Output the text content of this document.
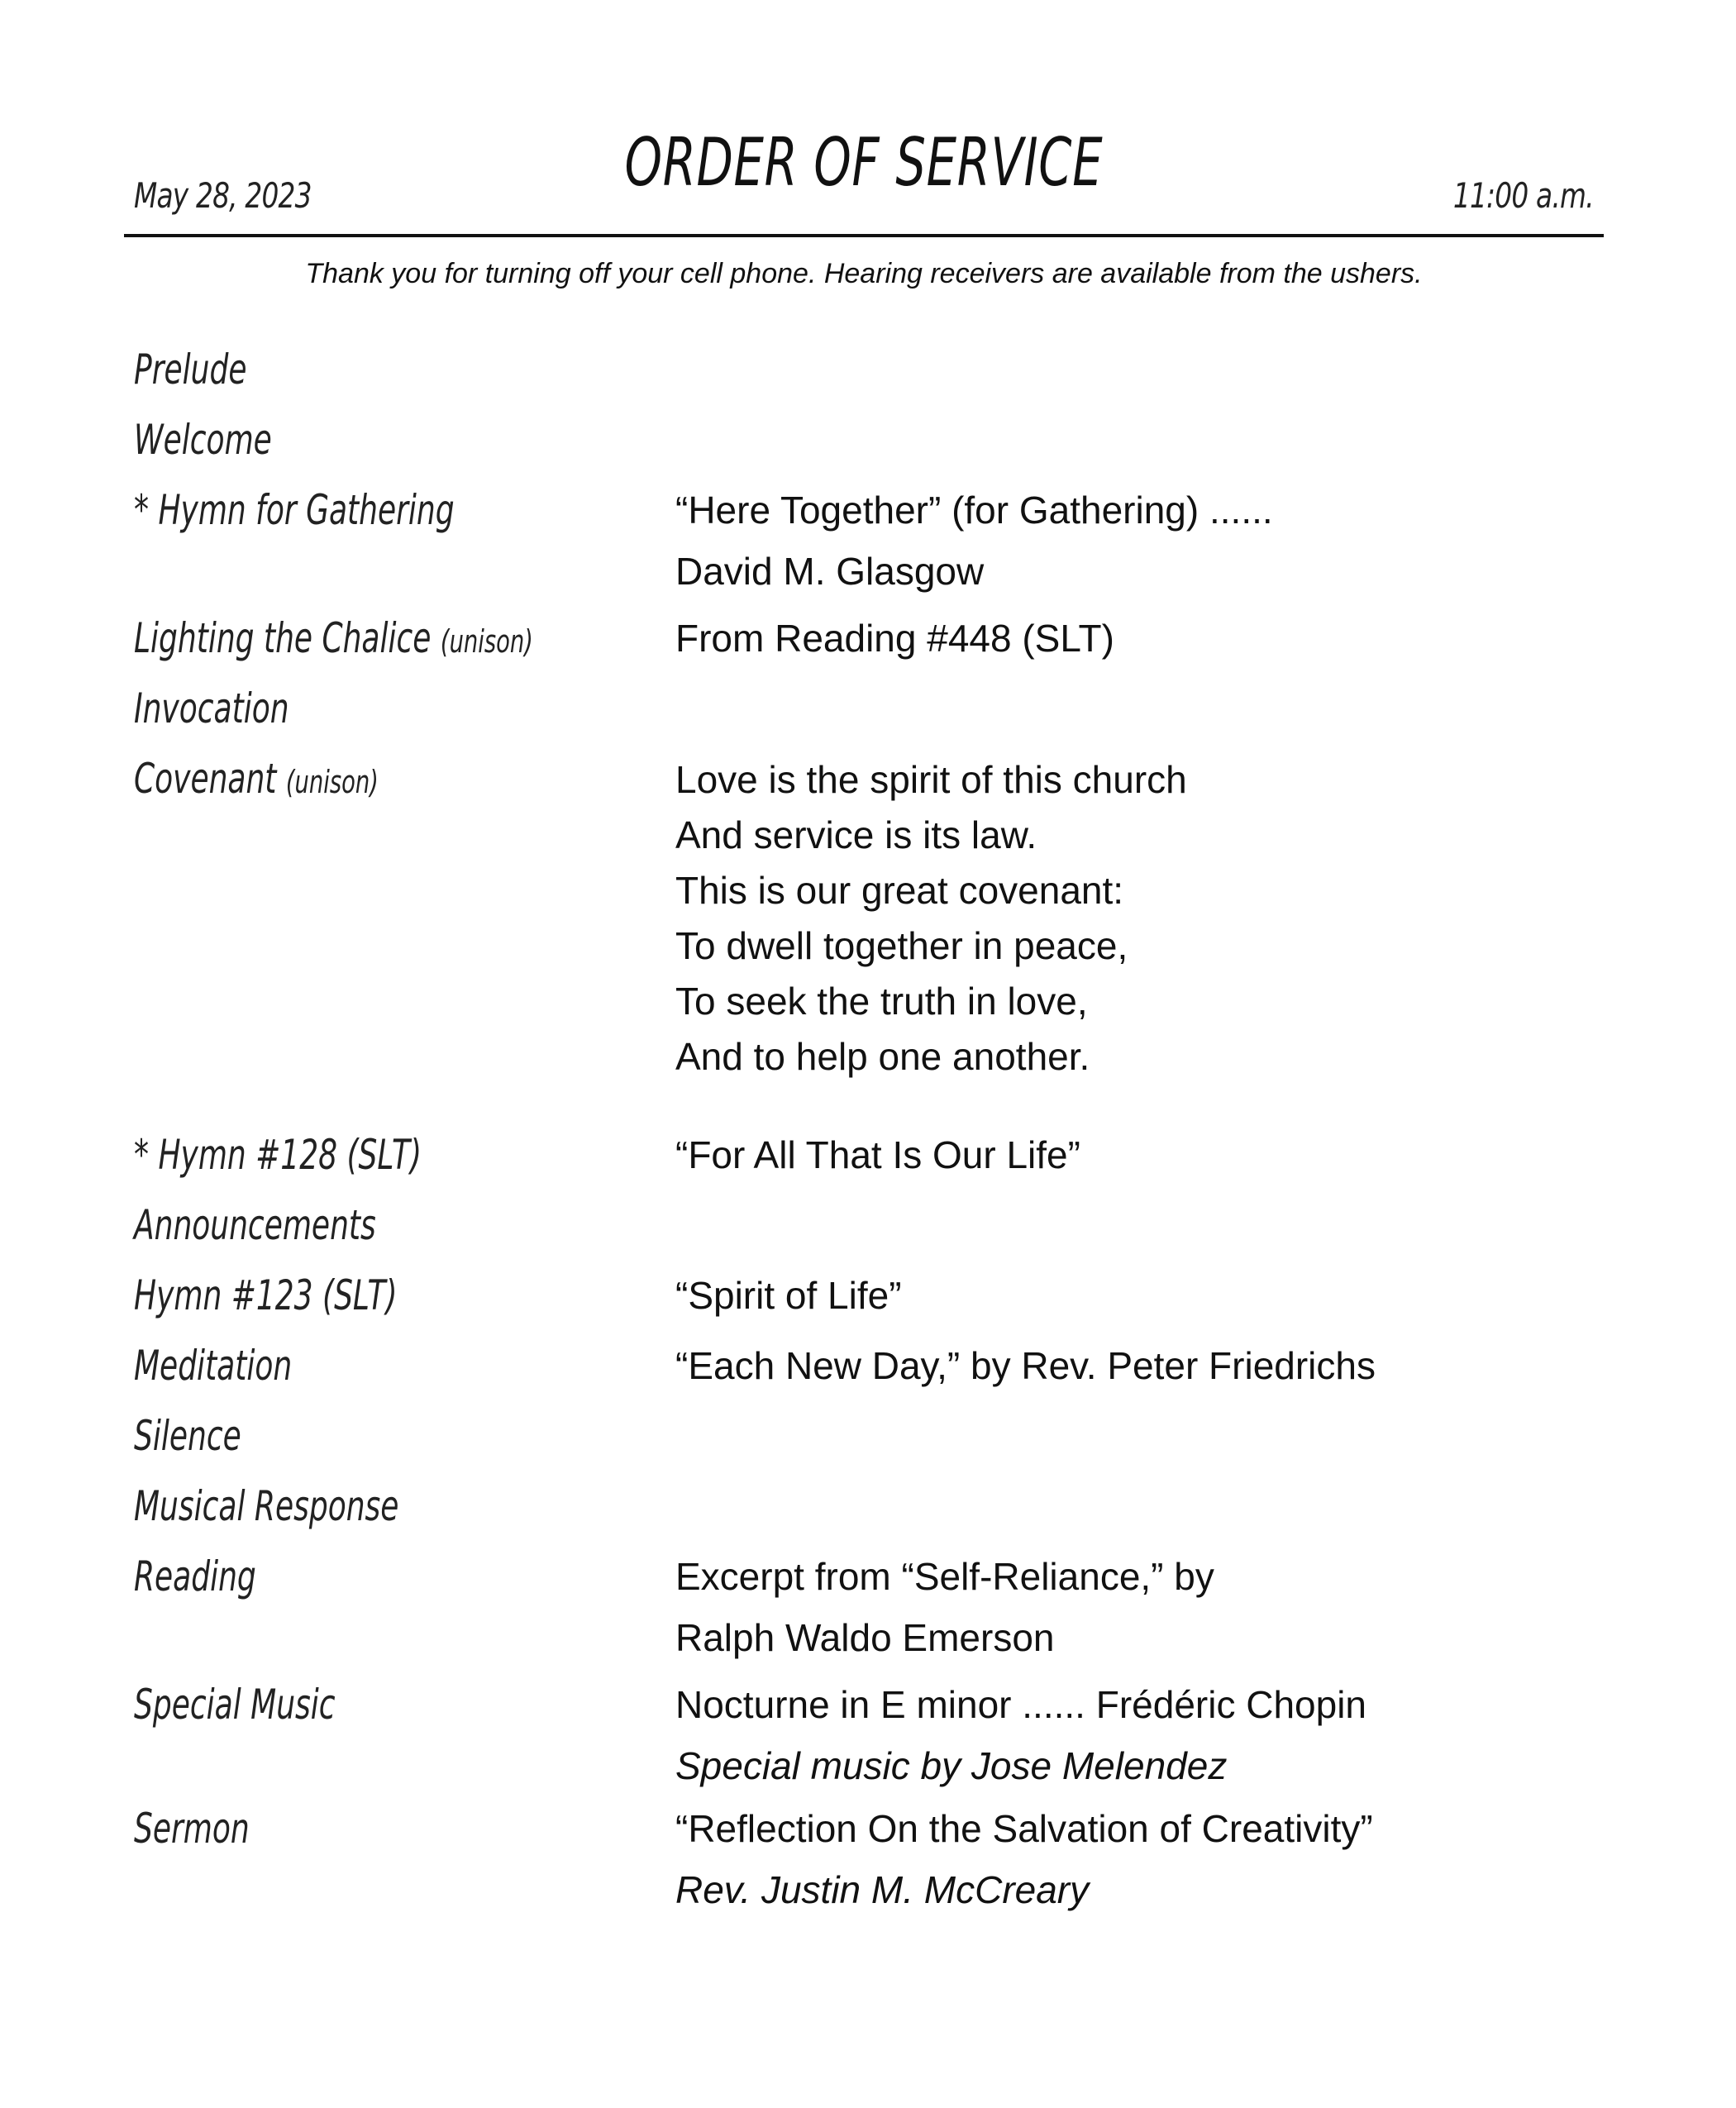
May 28, 2023	ORDER OF SERVICE	11:00 a.m.
Thank you for turning off your cell phone. Hearing receivers are available from the ushers.
Prelude
Welcome
* Hymn for Gathering	“Here Together” (for Gathering) ......
David M. Glasgow
Lighting the Chalice (unison)	From Reading #448 (SLT)
Invocation
Covenant (unison)	Love is the spirit of this church
And service is its law.
This is our great covenant:
To dwell together in peace,
To seek the truth in love,
And to help one another.
* Hymn #128 (SLT)	“For All That Is Our Life”
Announcements
Hymn #123 (SLT)	“Spirit of Life”
Meditation	“Each New Day,” by Rev. Peter Friedrichs
Silence
Musical Response
Reading	Excerpt from “Self-Reliance,” by
Ralph Waldo Emerson
Special Music	Nocturne in E minor ...... Frédéric Chopin
Special music by Jose Melendez
Sermon	“Reflection On the Salvation of Creativity”
Rev. Justin M. McCreary
